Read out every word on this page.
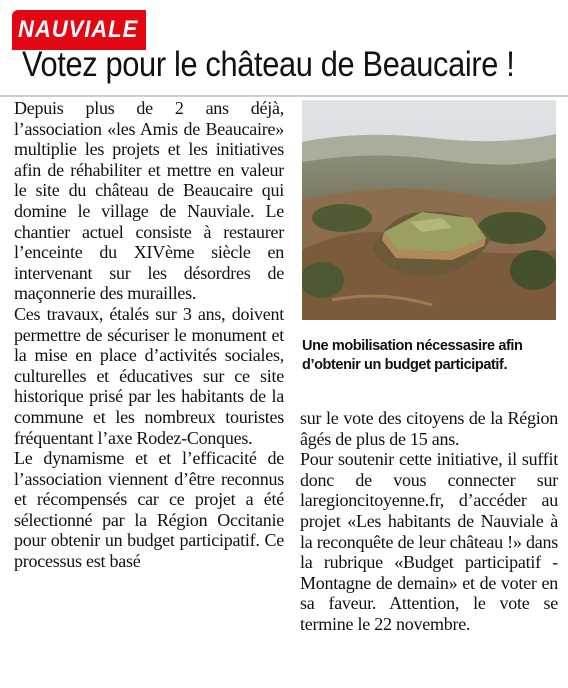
NAUVIALE
Votez pour le château de Beaucaire !

Depuis plus de 2 ans déjà, l’association «les Amis de Beaucaire» multiplie les projets et les initiatives afin de réhabiliter et mettre en valeur le site du château de Beaucaire qui domine le village de Nauviale. Le chantier actuel consiste à restaurer l’enceinte du XIVème siècle en intervenant sur les désordres de maçonnerie des murailles.

Ces travaux, étalés sur 3 ans, doivent permettre de sécuriser le monument et la mise en place d’activités sociales, culturelles et éducatives sur ce site historique prisé par les habitants de la commune et les nombreux touristes fréquentant l’axe Rodez-Conques.

Le dynamisme et et l’efficacité de l’association viennent d’être reconnus et récompensés car ce projet a été sélectionné par la Région Occitanie pour obtenir un budget participatif. Ce processus est basé

Une mobilisation nécessasire afin d’obtenir un budget participatif.

sur le vote des citoyens de la Région âgés de plus de 15 ans.

Pour soutenir cette initiative, il suffit donc de vous connecter sur laregioncitoyenne.fr, d’accéder au projet «Les habitants de Nauviale à la reconquête de leur château !» dans la rubrique «Budget participatif - Montagne de demain» et de voter en sa faveur. Attention, le vote se termine le 22 novembre.
